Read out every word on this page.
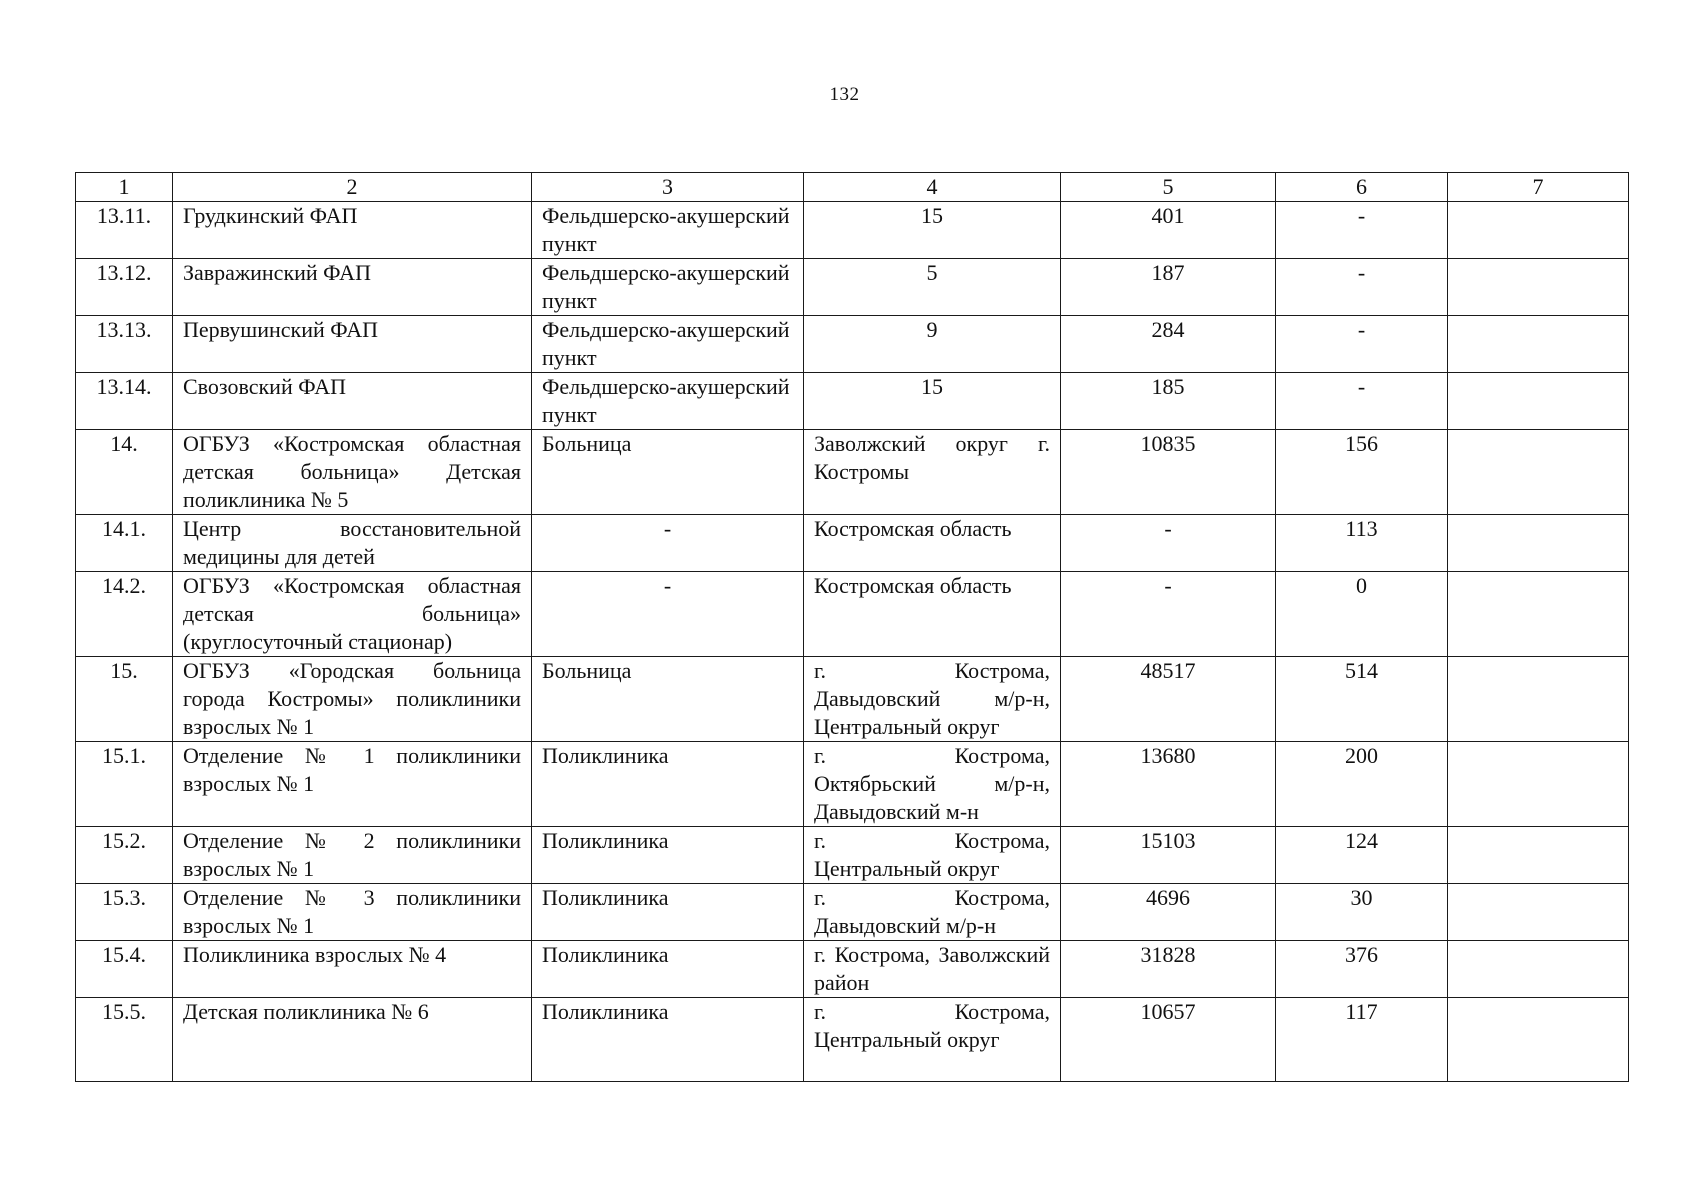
132
1	2	3	4	5	6	7
13.11.	Грудкинский ФАП	Фельдшерско-акушерский пункт	15	401	-	
13.12.	Завражинский ФАП	Фельдшерско-акушерский пункт	5	187	-	
13.13.	Первушинский ФАП	Фельдшерско-акушерский пункт	9	284	-	
13.14.	Свозовский ФАП	Фельдшерско-акушерский пункт	15	185	-	
14.	ОГБУЗ «Костромская областная детская больница» Детская поликлиника № 5	Больница	Заволжский округ г. Костромы	10835	156	
14.1.	Центр восстановительной медицины для детей	-	Костромская область	-	113	
14.2.	ОГБУЗ «Костромская областная детская больница» (круглосуточный стационар)	-	Костромская область	-	0	
15.	ОГБУЗ «Городская больница города Костромы» поликлиники взрослых № 1	Больница	г. Кострома, Давыдовский м/р-н, Центральный округ	48517	514	
15.1.	Отделение № 1 поликлиники взрослых № 1	Поликлиника	г. Кострома, Октябрьский м/р-н, Давыдовский м-н	13680	200	
15.2.	Отделение № 2 поликлиники взрослых № 1	Поликлиника	г. Кострома, Центральный округ	15103	124	
15.3.	Отделение № 3 поликлиники взрослых № 1	Поликлиника	г. Кострома, Давыдовский м/р-н	4696	30	
15.4.	Поликлиника взрослых № 4	Поликлиника	г. Кострома, Заволжский район	31828	376	
15.5.	Детская поликлиника № 6	Поликлиника	г. Кострома, Центральный округ	10657	117	
